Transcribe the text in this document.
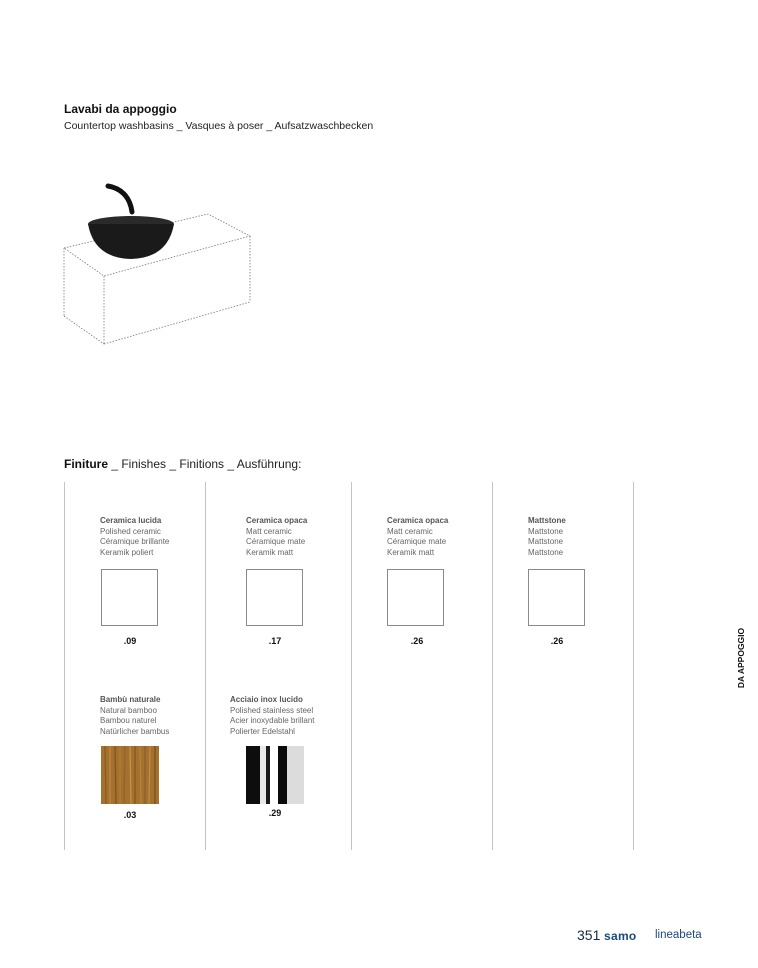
Lavabi da appoggio
Countertop washbasins _ Vasques à poser _ Aufsatzwaschbecken
Finiture _ Finishes _ Finitions _ Ausführung:
Ceramica lucida
Polished ceramic
Céramique brillante
Keramik poliert
.09
Ceramica opaca
Matt ceramic
Céramique mate
Keramik matt
.17
Ceramica opaca
Matt ceramic
Céramique mate
Keramik matt
.26
Mattstone
Mattstone
Mattstone
Mattstone
.26
Bambù naturale
Natural bamboo
Bambou naturel
Natürlicher bambus
.03
Acciaio inox lucido
Polished stainless steel
Acier inoxydable brillant
Polierter Edelstahl
.29
DA APPOGGIO
351 samo lineabeta
